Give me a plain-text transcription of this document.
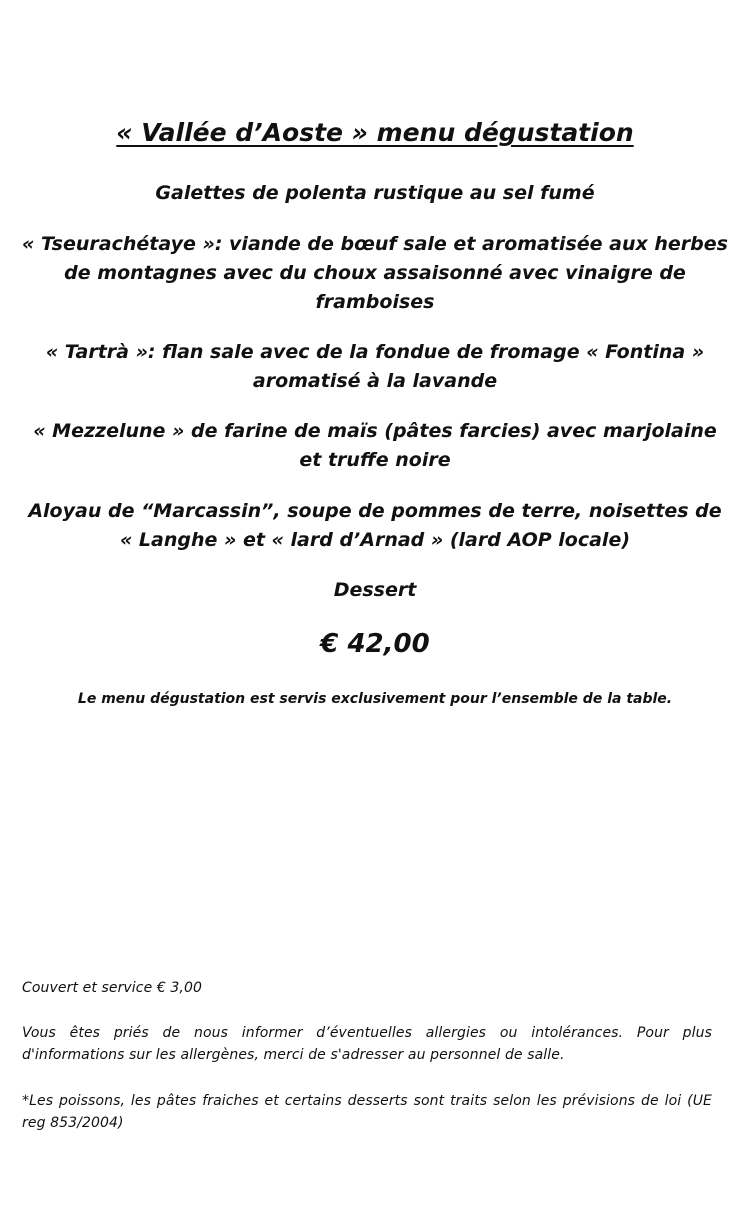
« Vallée d’Aoste » menu dégustation

Galettes de polenta rustique au sel fumé

« Tseurachétaye »: viande de bœuf sale et aromatisée aux herbes de montagnes avec du choux assaisonné avec vinaigre de framboises

« Tartrà »: flan sale avec de la fondue de fromage « Fontina » aromatisé à la lavande

« Mezzelune » de farine de maïs (pâtes farcies) avec marjolaine et truffe noire

Aloyau de “Marcassin”, soupe de pommes de terre, noisettes de « Langhe » et « lard d’Arnad » (lard AOP locale)

Dessert

€ 42,00

Le menu dégustation est servis exclusivement pour l’ensemble de la table.

Couvert et service € 3,00

Vous êtes priés de nous informer d’éventuelles allergies ou intolérances. Pour plus d'informations sur les allergènes, merci de s'adresser au personnel de salle.

*Les poissons, les pâtes fraiches et certains desserts sont traits selon les prévisions de loi (UE reg 853/2004)
